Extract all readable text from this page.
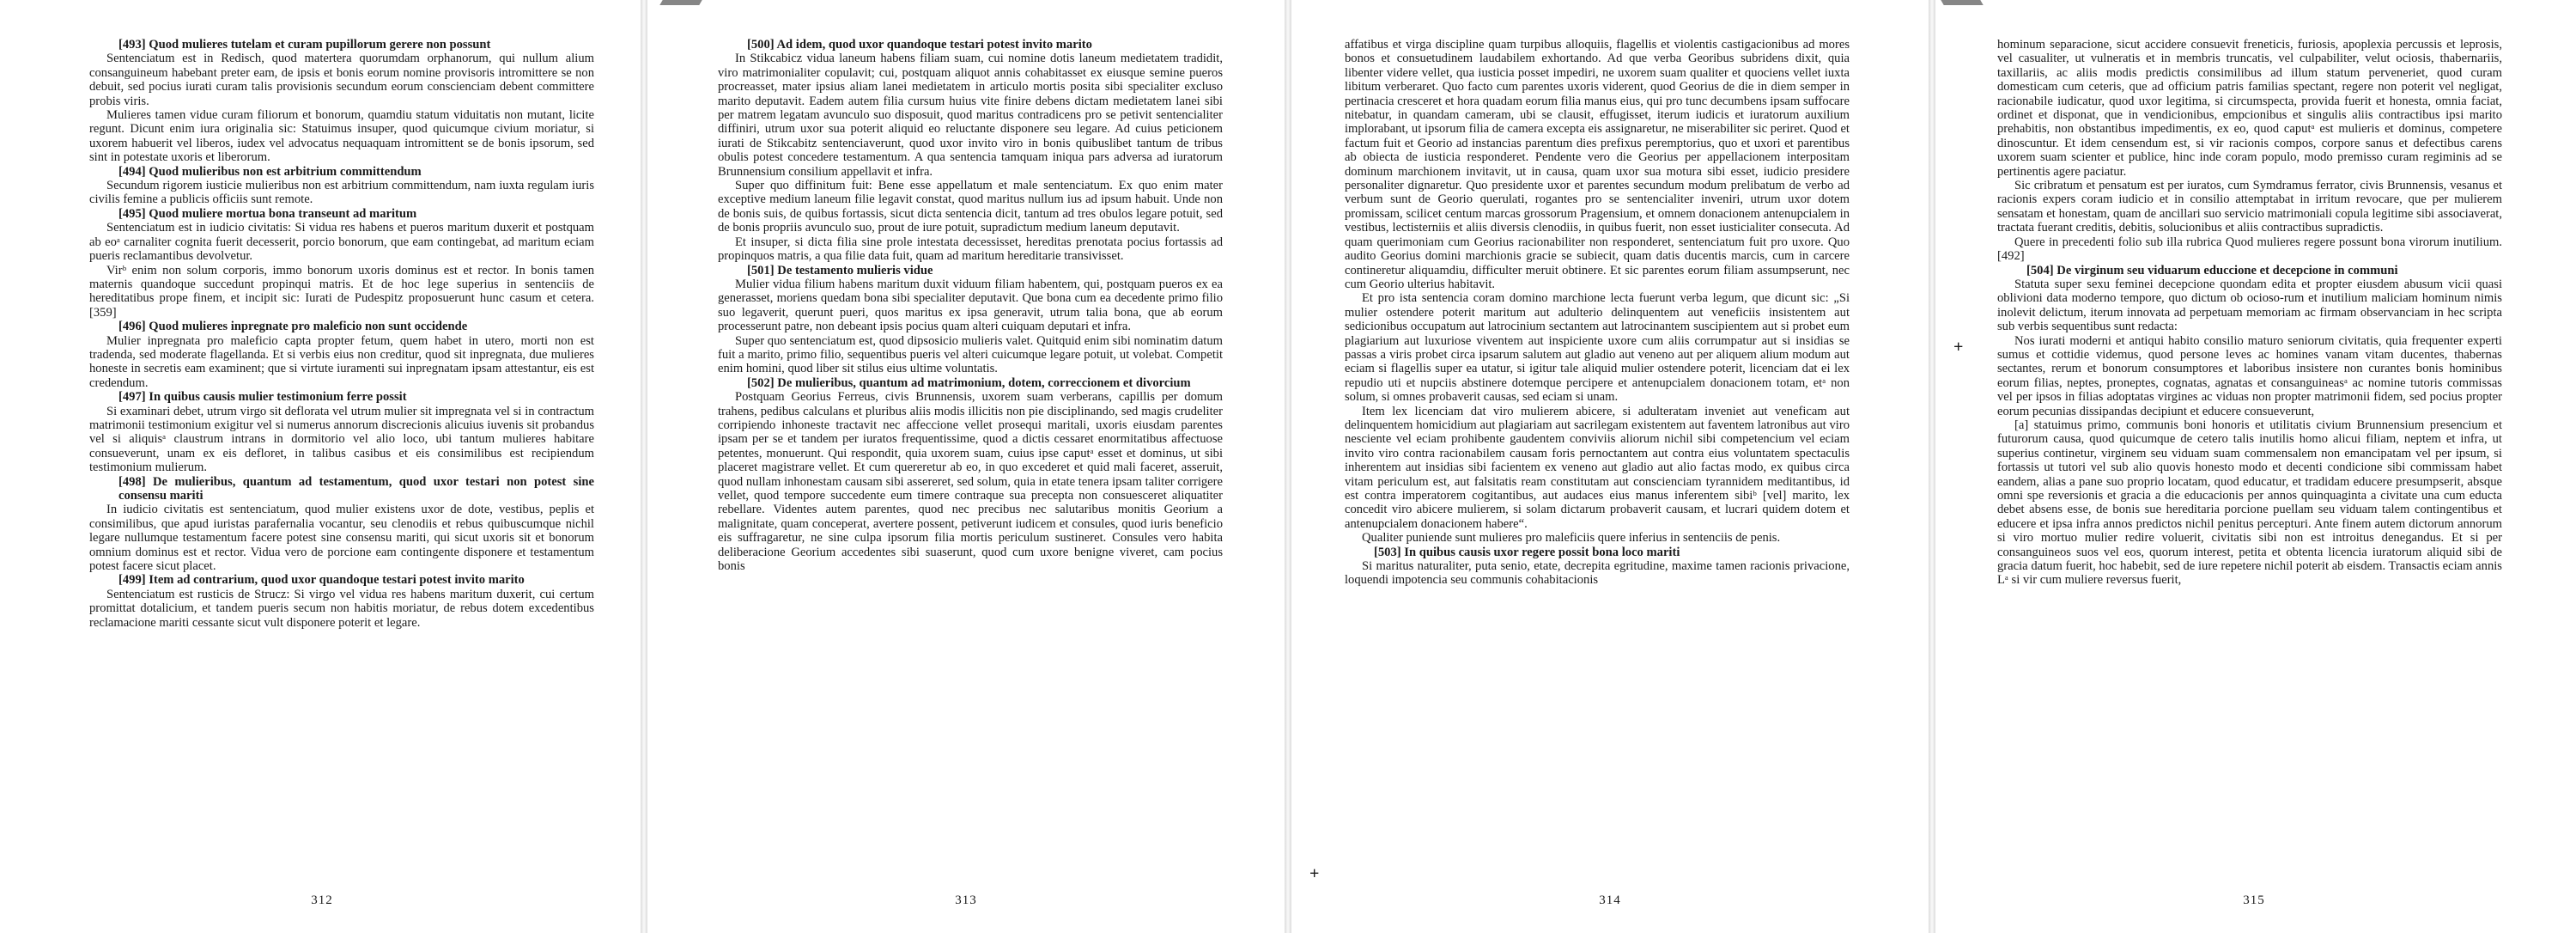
[493] Quod mulieres tutelam et curam pupillorum gerere non possunt

Sentenciatum est in Redisch, quod matertera quorumdam orphanorum, qui nullum alium consanguineum habebant preter eam, de ipsis et bonis eorum nomine provisoris intromittere se non debuit, sed pocius iurati curam talis provisionis secundum eorum conscienciam debent committere probis viris.

Mulieres tamen vidue curam filiorum et bonorum, quamdiu statum viduitatis non mutant, licite regunt. Dicunt enim iura originalia sic: Statuimus insuper, quod quicumque civium moriatur, si uxorem habuerit vel liberos, iudex vel advocatus nequaquam intromittent se de bonis ipsorum, sed sint in potestate uxoris et liberorum.

[494] Quod mulieribus non est arbitrium committendum

Secundum rigorem iusticie mulieribus non est arbitrium committendum, nam iuxta regulam iuris civilis femine a publicis officiis sunt remote.

[495] Quod muliere mortua bona transeunt ad maritum

Sentenciatum est in iudicio civitatis: Si vidua res habens et pueros maritum duxerit et postquam ab eoᵃ carnaliter cognita fuerit decesserit, porcio bonorum, que eam contingebat, ad maritum eciam pueris reclamantibus devolvetur.

Virᵇ enim non solum corporis, immo bonorum uxoris dominus est et rector. In bonis tamen maternis quandoque succedunt propinqui matris. Et de hoc lege superius in sentenciis de hereditatibus prope finem, et incipit sic: Iurati de Pudespitz proposuerunt hunc casum et cetera. [359]

[496] Quod mulieres inpregnate pro maleficio non sunt occidende

Mulier inpregnata pro maleficio capta propter fetum, quem habet in utero, morti non est tradenda, sed moderate flagellanda. Et si verbis eius non creditur, quod sit inpregnata, due mulieres honeste in secretis eam examinent; que si virtute iuramenti sui inpregnatam ipsam attestantur, eis est credendum.

[497] In quibus causis mulier testimonium ferre possit

Si examinari debet, utrum virgo sit deflorata vel utrum mulier sit impregnata vel si in contractum matrimonii testimonium exigitur vel si numerus annorum discrecionis alicuius iuvenis sit probandus vel si aliquisᵃ claustrum intrans in dormitorio vel alio loco, ubi tantum mulieres habitare consueverunt, unam ex eis defloret, in talibus casibus et eis consimilibus est recipiendum testimonium mulierum.

[498] De mulieribus, quantum ad testamentum, quod uxor testari non potest sine consensu mariti

In iudicio civitatis est sentenciatum, quod mulier existens uxor de dote, vestibus, peplis et consimilibus, que apud iuristas parafernalia vocantur, seu clenodiis et rebus quibuscumque nichil legare nullumque testamentum facere potest sine consensu mariti, qui sicut uxoris sit et bonorum omnium dominus est et rector. Vidua vero de porcione eam contingente disponere et testamentum potest facere sicut placet.

[499] Item ad contrarium, quod uxor quandoque testari potest invito marito

Sentenciatum est rusticis de Strucz: Si virgo vel vidua res habens maritum duxerit, cui certum promittat dotalicium, et tandem pueris secum non habitis moriatur, de rebus dotem excedentibus reclamacione mariti cessante sicut vult disponere poterit et legare.

312

[500] Ad idem, quod uxor quandoque testari potest invito marito

In Stikcabicz vidua laneum habens filiam suam, cui nomine dotis laneum medietatem tradidit, viro matrimonialiter copulavit; cui, postquam aliquot annis cohabitasset ex eiusque semine pueros procreasset, mater ipsius aliam lanei medietatem in articulo mortis posita sibi specialiter excluso marito deputavit. Eadem autem filia cursum huius vite finire debens dictam medietatem lanei sibi per matrem legatam avunculo suo disposuit, quod maritus contradicens pro se petivit sentencialiter diffiniri, utrum uxor sua poterit aliquid eo reluctante disponere seu legare. Ad cuius peticionem iurati de Stikcabitz sentenciaverunt, quod uxor invito viro in bonis quibuslibet tantum de tribus obulis potest concedere testamentum. A qua sentencia tamquam iniqua pars adversa ad iuratorum Brunnensium consilium appellavit et infra.

Super quo diffinitum fuit: Bene esse appellatum et male sentenciatum. Ex quo enim mater exceptive medium laneum filie legavit constat, quod maritus nullum ius ad ipsum habuit. Unde non de bonis suis, de quibus fortassis, sicut dicta sentencia dicit, tantum ad tres obulos legare potuit, sed de bonis propriis avunculo suo, prout de iure potuit, supradictum medium laneum deputavit.

Et insuper, si dicta filia sine prole intestata decessisset, hereditas prenotata pocius fortassis ad propinquos matris, a qua filie data fuit, quam ad maritum hereditarie transivisset.

[501] De testamento mulieris vidue

Mulier vidua filium habens maritum duxit viduum filiam habentem, qui, postquam pueros ex ea generasset, moriens quedam bona sibi specialiter deputavit. Que bona cum ea decedente primo filio suo legaverit, querunt pueri, quos maritus ex ipsa generavit, utrum talia bona, que ab eorum processerunt patre, non debeant ipsis pocius quam alteri cuiquam deputari et infra.

Super quo sentenciatum est, quod dipsosicio mulieris valet. Quitquid enim sibi nominatim datum fuit a marito, primo filio, sequentibus pueris vel alteri cuicumque legare potuit, ut volebat. Competit enim homini, quod liber sit stilus eius ultime voluntatis.

[502] De mulieribus, quantum ad matrimonium, dotem, correccionem et divorcium

Postquam Georius Ferreus, civis Brunnensis, uxorem suam verberans, capillis per domum trahens, pedibus calculans et pluribus aliis modis illicitis non pie disciplinando, sed magis crudeliter corripiendo inhoneste tractavit nec affeccione vellet prosequi maritali, uxoris eiusdam parentes ipsam per se et tandem per iuratos frequentissime, quod a dictis cessaret enormitatibus affectuose petentes, monuerunt. Qui respondit, quia uxorem suam, cuius ipse caputᵃ esset et dominus, ut sibi placeret magistrare vellet. Et cum quereretur ab eo, in quo excederet et quid mali faceret, asseruit, quod nullam inhonestam causam sibi assereret, sed solum, quia in etate tenera ipsam taliter corrigere vellet, quod tempore succedente eum timere contraque sua precepta non consuesceret aliquatiter rebellare. Videntes autem parentes, quod nec precibus nec salutaribus monitis Georium a malignitate, quam conceperat, avertere possent, petiverunt iudicem et consules, quod iuris beneficio eis suffragaretur, ne sine culpa ipsorum filia mortis periculum sustineret. Consules vero habita deliberacione Georium accedentes sibi suaserunt, quod cum uxore benigne viveret, cam pocius bonis

313

affatibus et virga discipline quam turpibus alloquiis, flagellis et violentis castigacionibus ad mores bonos et consuetudinem laudabilem exhortando. Ad que verba Georibus subridens dixit, quia libenter videre vellet, qua iusticia posset impediri, ne uxorem suam qualiter et quociens vellet iuxta libitum verberaret. Quo facto cum parentes uxoris viderent, quod Georius de die in diem semper in pertinacia cresceret et hora quadam eorum filia manus eius, qui pro tunc decumbens ipsam suffocare nitebatur, in quandam cameram, ubi se clausit, effugisset, iterum iudicis et iuratorum auxilium implorabant, ut ipsorum filia de camera excepta eis assignaretur, ne miserabiliter sic periret. Quod et factum fuit et Georio ad instancias parentum dies prefixus peremptorius, quo et uxori et parentibus ab obiecta de iusticia responderet. Pendente vero die Georius per appellacionem interpositam dominum marchionem invitavit, ut in causa, quam uxor sua motura sibi esset, iudicio presidere personaliter dignaretur. Quo presidente uxor et parentes secundum modum prelibatum de verbo ad verbum sunt de Georio querulati, rogantes pro se sentencialiter inveniri, utrum uxor dotem promissam, scilicet centum marcas grossorum Pragensium, et omnem donacionem antenupcialem in vestibus, lectisterniis et aliis diversis clenodiis, in quibus fuerit, non esset iusticialiter consecuta. Ad quam querimoniam cum Georius racionabiliter non responderet, sentenciatum fuit pro uxore. Quo audito Georius domini marchionis gracie se subiecit, quam datis ducentis marcis, cum in carcere contineretur aliquamdiu, difficulter meruit obtinere. Et sic parentes eorum filiam assumpserunt, nec cum Georio ulterius habitavit.

Et pro ista sentencia coram domino marchione lecta fuerunt verba legum, que dicunt sic: „Si mulier ostendere poterit maritum aut adulterio delinquentem aut veneficiis insistentem aut sedicionibus occupatum aut latrocinium sectantem aut latrocinantem suscipientem aut si probet eum plagiarium aut luxuriose viventem aut inspiciente uxore cum aliis corrumpatur aut si insidias se passas a viris probet circa ipsarum salutem aut gladio aut veneno aut per aliquem alium modum aut eciam si flagellis super ea utatur, si igitur tale aliquid mulier ostendere poterit, licenciam dat ei lex repudio uti et nupciis abstinere dotemque percipere et antenupcialem donacionem totam, etᵃ non solum, si omnes probaverit causas, sed eciam si unam.

Item lex licenciam dat viro mulierem abicere, si adulteratam inveniet aut veneficam aut delinquentem homicidium aut plagiariam aut sacrilegam existentem aut faventem latronibus aut viro nesciente vel eciam prohibente gaudentem conviviis aliorum nichil sibi competencium vel eciam invito viro contra racionabilem causam foris pernoctantem aut contra eius voluntatem spectaculis inherentem aut insidias sibi facientem ex veneno aut gladio aut alio factas modo, ex quibus circa vitam periculum est, aut falsitatis ream constitutam aut conscienciam tyrannidem meditantibus, id est contra imperatorem cogitantibus, aut audaces eius manus inferentem sibiᵇ [vel] marito, lex concedit viro abicere mulierem, si solam dictarum probaverit causam, et lucrari quidem dotem et antenupcialem donacionem habere“.

Qualiter puniende sunt mulieres pro maleficiis quere inferius in sentenciis de penis.

[503] In quibus causis uxor regere possit bona loco mariti

Si maritus naturaliter, puta senio, etate, decrepita egritudine, maxime tamen racionis privacione, loquendi impotencia seu communis cohabitacionis

314

hominum separacione, sicut accidere consuevit freneticis, furiosis, apoplexia percussis et leprosis, vel casualiter, ut vulneratis et in membris truncatis, vel culpabiliter, velut ociosis, thabernariis, taxillariis, ac aliis modis predictis consimilibus ad illum statum perveneriet, quod curam domesticam cum ceteris, que ad officium patris familias spectant, regere non poterit vel negligat, racionabile iudicatur, quod uxor legitima, si circumspecta, provida fuerit et honesta, omnia faciat, ordinet et disponat, que in vendicionibus, empcionibus et singulis aliis contractibus ipsi marito prehabitis, non obstantibus impedimentis, ex eo, quod caputᵃ est mulieris et dominus, competere dinoscuntur. Et idem censendum est, si vir racionis compos, corpore sanus et defectibus carens uxorem suam scienter et publice, hinc inde coram populo, modo premisso curam regiminis ad se pertinentis agere paciatur.

Sic cribratum et pensatum est per iuratos, cum Symdramus ferrator, civis Brunnensis, vesanus et racionis expers coram iudicio et in consilio attemptabat in irritum revocare, que per mulierem sensatam et honestam, quam de ancillari suo servicio matrimoniali copula legitime sibi associaverat, tractata fuerant creditis, debitis, solucionibus et aliis contractibus supradictis.

Quere in precedenti folio sub illa rubrica Quod mulieres regere possunt bona virorum inutilium. [492]

[504] De virginum seu viduarum educcione et decepcione in communi

Statuta super sexu feminei decepcione quondam edita et propter eiusdem abusum vicii quasi oblivioni data moderno tempore, quo dictum ob ocioso-rum et inutilium maliciam hominum nimis inolevit delictum, iterum innovata ad perpetuam memoriam ac firmam observanciam in hec scripta sub verbis sequentibus sunt redacta:

Nos iurati moderni et antiqui habito consilio maturo seniorum civitatis, quia frequenter experti sumus et cottidie videmus, quod persone leves ac homines vanam vitam ducentes, thabernas sectantes, rerum et bonorum consumptores et laboribus insistere non curantes bonis hominibus eorum filias, neptes, proneptes, cognatas, agnatas et consanguineasᵃ ac nomine tutoris commissas vel per ipsos in filias adoptatas virgines ac viduas non propter matrimonii fidem, sed pocius propter eorum pecunias dissipandas decipiunt et educere consueverunt,

[a] statuimus primo, communis boni honoris et utilitatis civium Brunnensium presencium et futurorum causa, quod quicumque de cetero talis inutilis homo alicui filiam, neptem et infra, ut superius continetur, virginem seu viduam suam commensalem non emancipatam vel per ipsum, si fortassis ut tutori vel sub alio quovis honesto modo et decenti condicione sibi commissam habet eandem, alias a pane suo proprio locatam, quod educatur, et tradidam educere presumpserit, absque omni spe reversionis et gracia a die educacionis per annos quinquaginta a civitate una cum educta debet absens esse, de bonis sue hereditaria porcione puellam seu viduam talem contingentibus et educere et ipsa infra annos predictos nichil penitus percepturi. Ante finem autem dictorum annorum si viro mortuo mulier redire voluerit, civitatis sibi non est introitus denegandus. Et si per consanguineos suos vel eos, quorum interest, petita et obtenta licencia iuratorum aliquid sibi de gracia datum fuerit, hoc habebit, sed de iure repetere nichil poterit ab eisdem. Transactis eciam annis Lᵃ si vir cum muliere reversus fuerit,

315
+
+
